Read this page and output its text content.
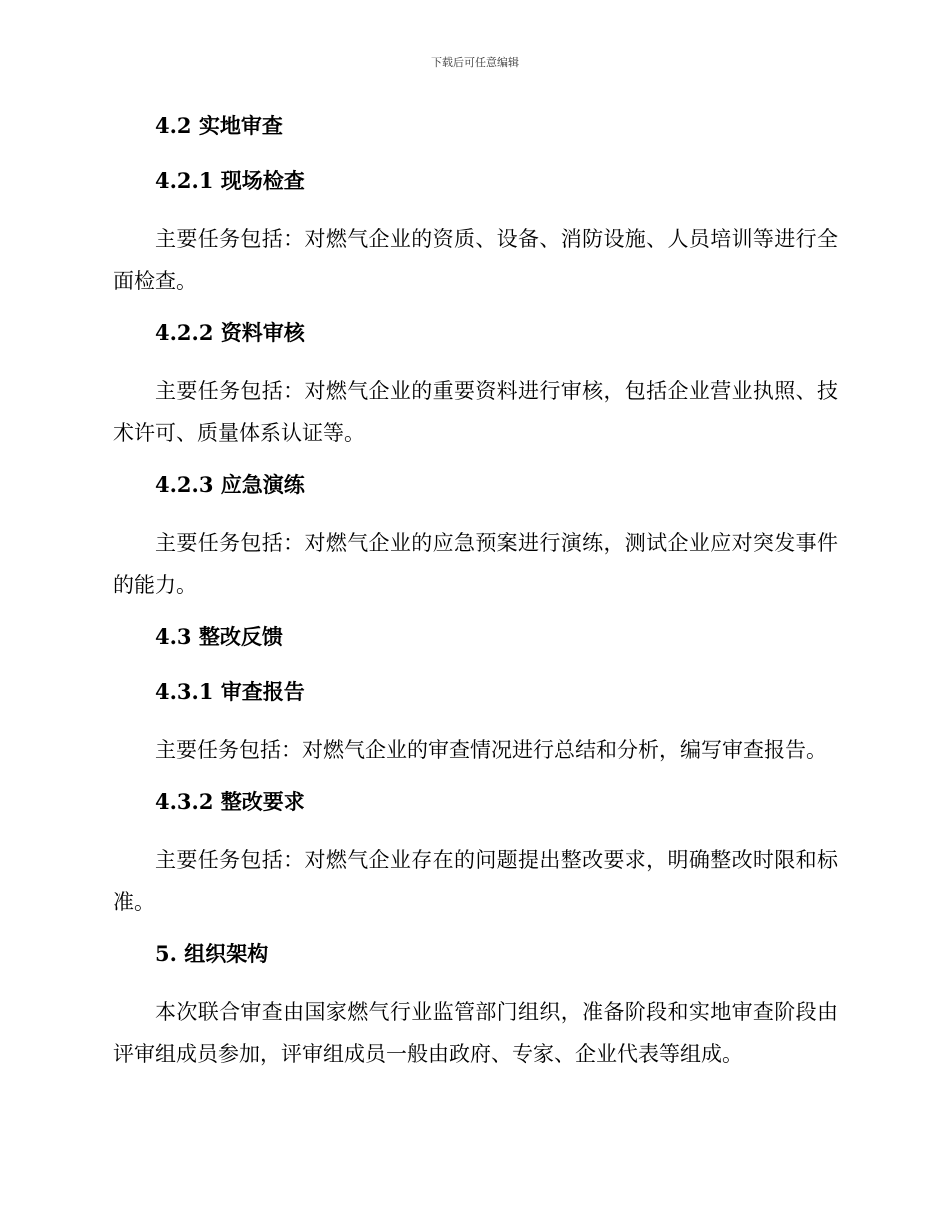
下载后可任意编辑
4.2 实地审查
4.2.1 现场检查

主要任务包括：对燃气企业的资质、设备、消防设施、人员培训等进行全面检查。

4.2.2 资料审核

主要任务包括：对燃气企业的重要资料进行审核，包括企业营业执照、技术许可、质量体系认证等。

4.2.3 应急演练

主要任务包括：对燃气企业的应急预案进行演练，测试企业应对突发事件的能力。

4.3 整改反馈
4.3.1 审查报告

主要任务包括：对燃气企业的审查情况进行总结和分析，编写审查报告。

4.3.2 整改要求

主要任务包括：对燃气企业存在的问题提出整改要求，明确整改时限和标准。

5. 组织架构

本次联合审查由国家燃气行业监管部门组织，准备阶段和实地审查阶段由评审组成员参加，评审组成员一般由政府、专家、企业代表等组成。
